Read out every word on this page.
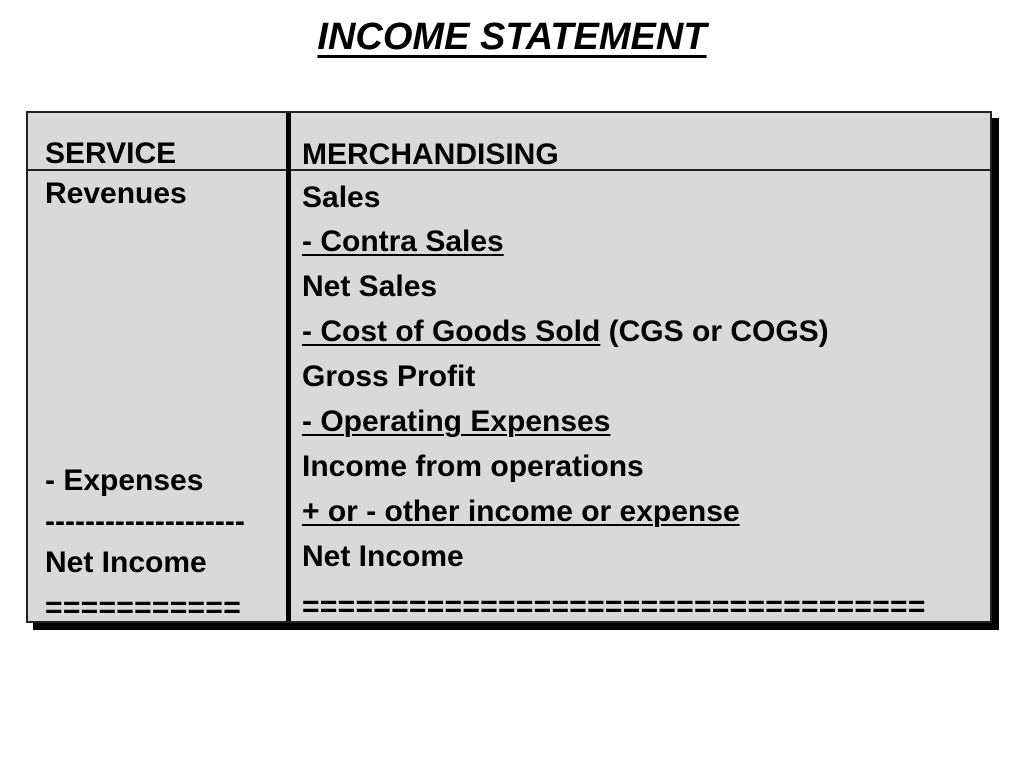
INCOME STATEMENT
SERVICE
Revenues
- Expenses
--------------------
Net Income
===========
MERCHANDISING
Sales
- Contra Sales
Net Sales
- Cost of Goods Sold (CGS or COGS)
Gross Profit
- Operating Expenses
Income from operations
+ or - other income or expense
Net Income
===================================
